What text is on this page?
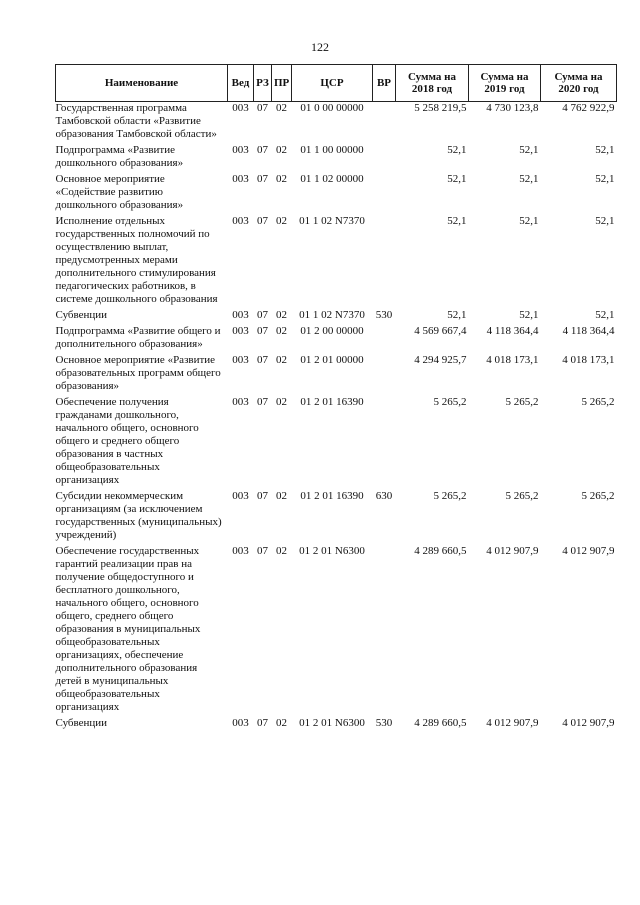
122
Наименование	Вед	РЗ	ПР	ЦСР	ВР	Сумма на 2018 год	Сумма на 2019 год	Сумма на 2020 год
Государственная программа Тамбовской области «Развитие образования Тамбовской области»	003	07	02	01 0 00 00000		5 258 219,5	4 730 123,8	4 762 922,9
Подпрограмма «Развитие дошкольного образования»	003	07	02	01 1 00 00000		52,1	52,1	52,1
Основное мероприятие «Содействие развитию дошкольного образования»	003	07	02	01 1 02 00000		52,1	52,1	52,1
Исполнение отдельных государственных полномочий по осуществлению выплат, предусмотренных мерами дополнительного стимулирования педагогических работников, в системе дошкольного образования	003	07	02	01 1 02 N7370		52,1	52,1	52,1
Субвенции	003	07	02	01 1 02 N7370	530	52,1	52,1	52,1
Подпрограмма «Развитие общего и дополнительного образования»	003	07	02	01 2 00 00000		4 569 667,4	4 118 364,4	4 118 364,4
Основное мероприятие «Развитие образовательных программ общего образования»	003	07	02	01 2 01 00000		4 294 925,7	4 018 173,1	4 018 173,1
Обеспечение получения гражданами дошкольного, начального общего, основного общего и среднего общего образования в частных общеобразовательных организациях	003	07	02	01 2 01 16390		5 265,2	5 265,2	5 265,2
Субсидии некоммерческим организациям (за исключением государственных (муниципальных) учреждений)	003	07	02	01 2 01 16390	630	5 265,2	5 265,2	5 265,2
Обеспечение государственных гарантий реализации прав на получение общедоступного и бесплатного дошкольного, начального общего, основного общего, среднего общего образования в муниципальных общеобразовательных организациях, обеспечение дополнительного образования детей в муниципальных общеобразовательных организациях	003	07	02	01 2 01 N6300		4 289 660,5	4 012 907,9	4 012 907,9
Субвенции	003	07	02	01 2 01 N6300	530	4 289 660,5	4 012 907,9	4 012 907,9
